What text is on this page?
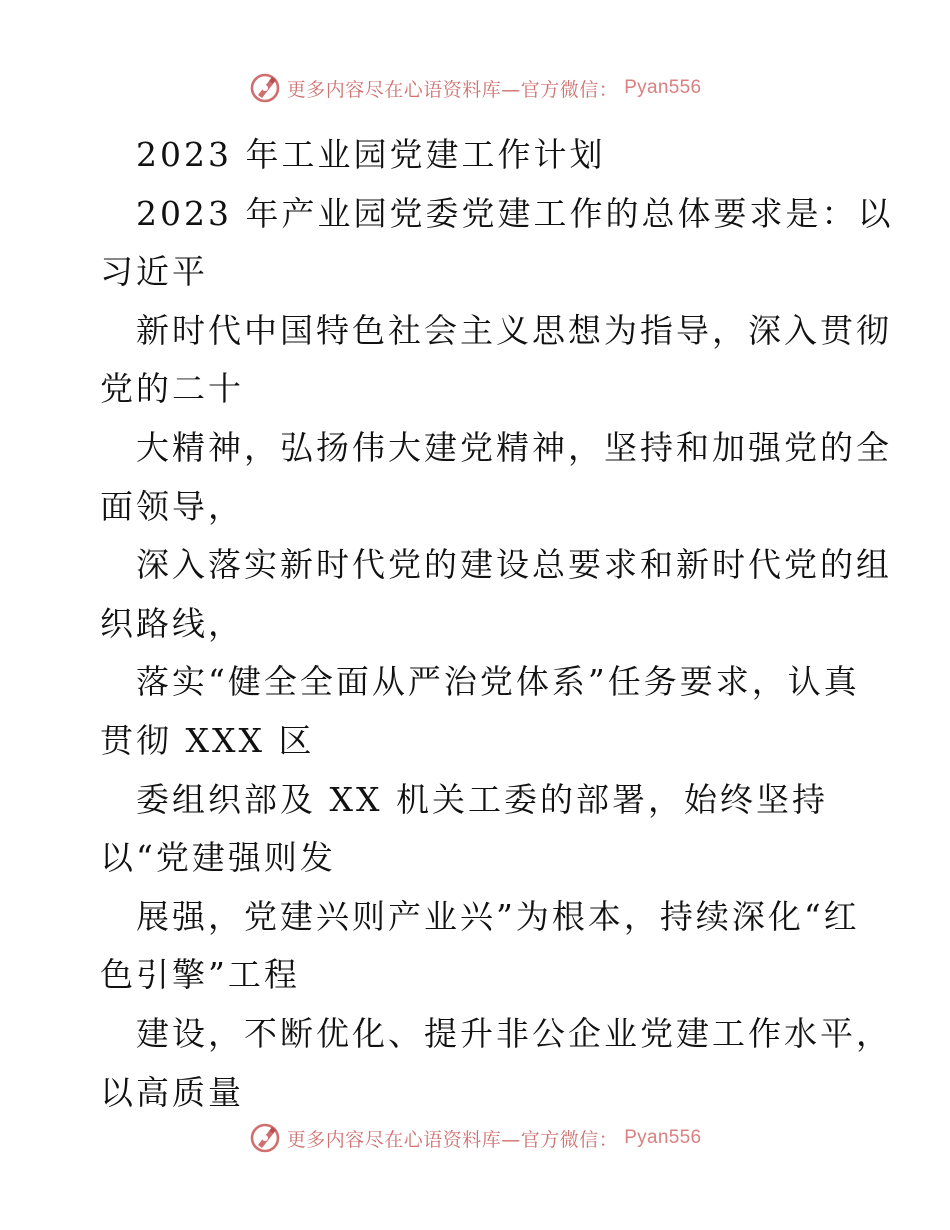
更多内容尽在心语资料库—官方微信： Pyan556
2023 年工业园党建工作计划
2023 年产业园党委党建工作的总体要求是：以
习近平
新时代中国特色社会主义思想为指导，深入贯彻
党的二十
大精神，弘扬伟大建党精神，坚持和加强党的全
面领导，
深入落实新时代党的建设总要求和新时代党的组
织路线，
落实“健全全面从严治党体系”任务要求，认真
贯彻 XXX 区
委组织部及 XX 机关工委的部署，始终坚持
以“党建强则发
展强，党建兴则产业兴”为根本，持续深化“红
色引擎”工程
建设，不断优化、提升非公企业党建工作水平，
以高质量
更多内容尽在心语资料库—官方微信： Pyan556
